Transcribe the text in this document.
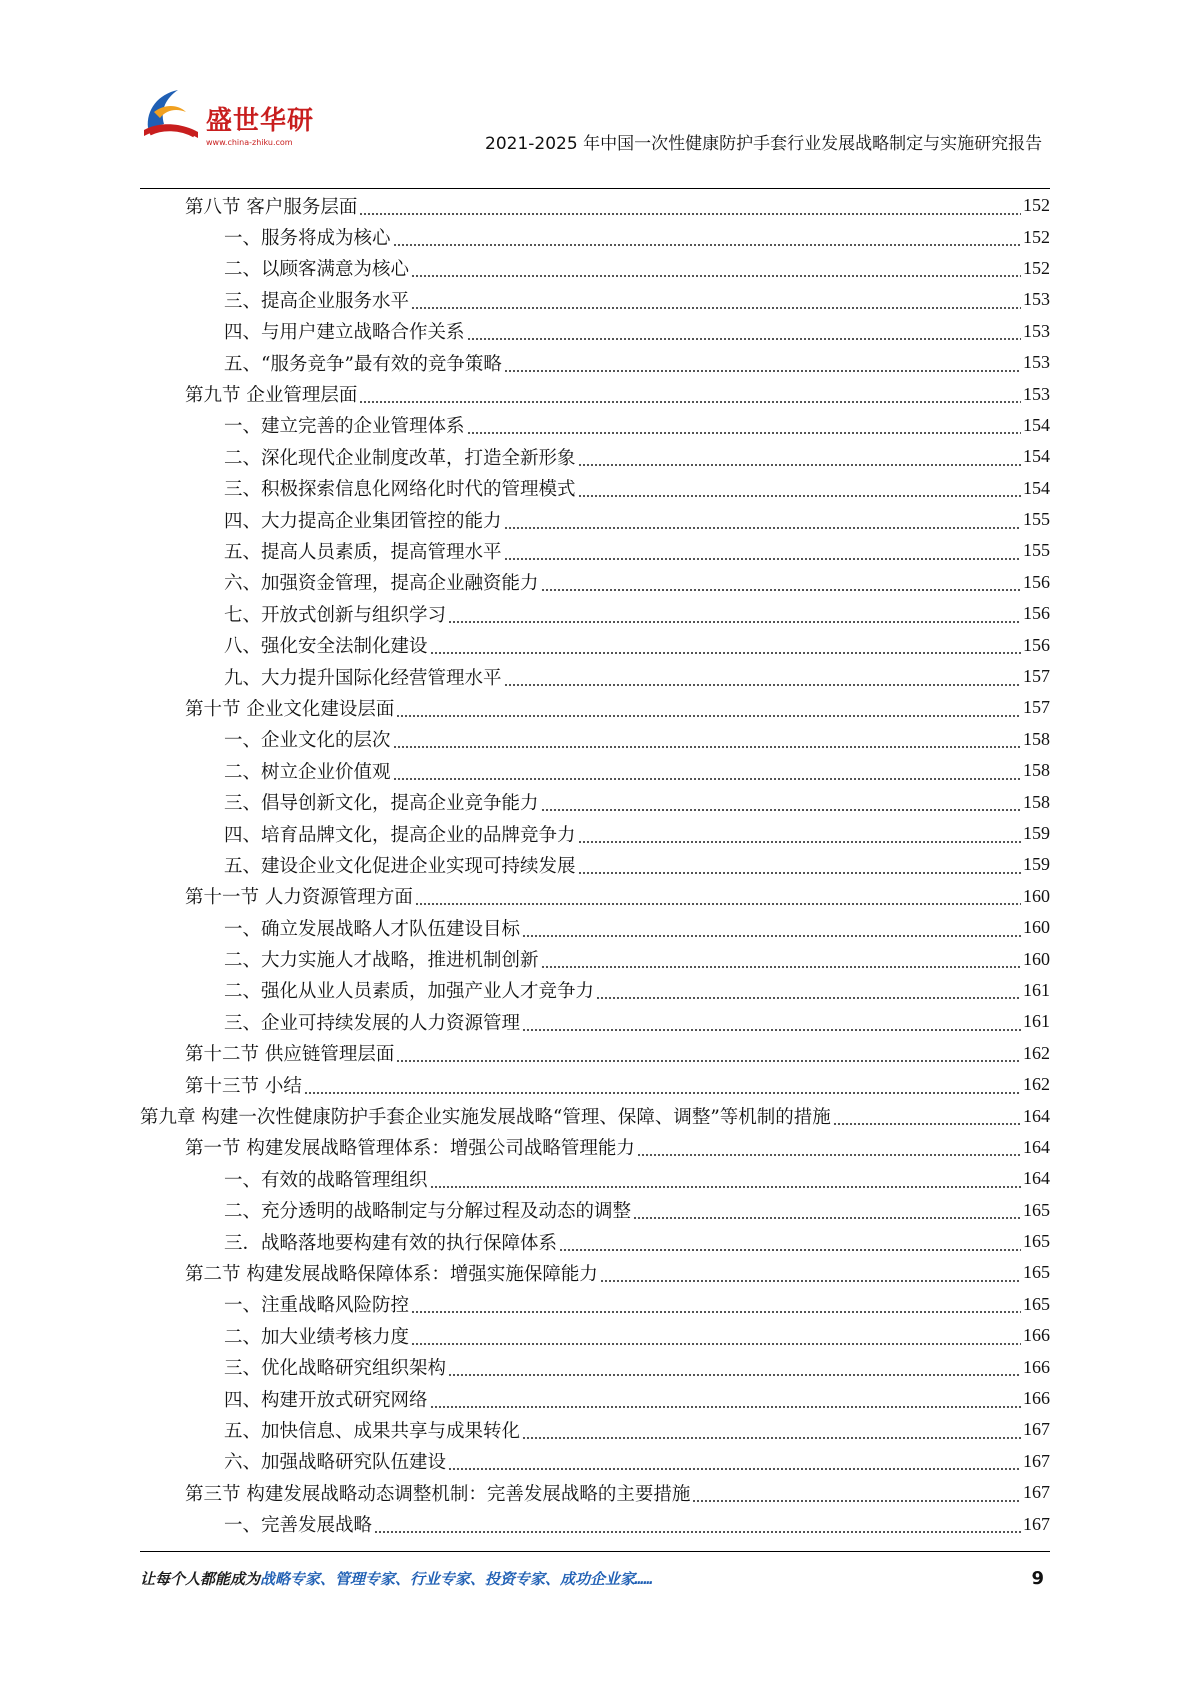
盛世华研
www.china-zhiku.com	2021-2025 年中国一次性健康防护手套行业发展战略制定与实施研究报告
第八节 客户服务层面	152
一、服务将成为核心	152
二、以顾客满意为核心	152
三、提高企业服务水平	153
四、与用户建立战略合作关系	153
五、“服务竞争”最有效的竞争策略	153
第九节 企业管理层面	153
一、建立完善的企业管理体系	154
二、深化现代企业制度改革，打造全新形象	154
三、积极探索信息化网络化时代的管理模式	154
四、大力提高企业集团管控的能力	155
五、提高人员素质，提高管理水平	155
六、加强资金管理，提高企业融资能力	156
七、开放式创新与组织学习	156
八、强化安全法制化建设	156
九、大力提升国际化经营管理水平	157
第十节 企业文化建设层面	157
一、企业文化的层次	158
二、树立企业价值观	158
三、倡导创新文化，提高企业竞争能力	158
四、培育品牌文化，提高企业的品牌竞争力	159
五、建设企业文化促进企业实现可持续发展	159
第十一节 人力资源管理方面	160
一、确立发展战略人才队伍建设目标	160
二、大力实施人才战略，推进机制创新	160
二、强化从业人员素质，加强产业人才竞争力	161
三、企业可持续发展的人力资源管理	161
第十二节 供应链管理层面	162
第十三节 小结	162
第九章 构建一次性健康防护手套企业实施发展战略“管理、保障、调整”等机制的措施	164
第一节 构建发展战略管理体系：增强公司战略管理能力	164
一、有效的战略管理组织	164
二、充分透明的战略制定与分解过程及动态的调整	165
三．战略落地要构建有效的执行保障体系	165
第二节 构建发展战略保障体系：增强实施保障能力	165
一、注重战略风险防控	165
二、加大业绩考核力度	166
三、优化战略研究组织架构	166
四、构建开放式研究网络	166
五、加快信息、成果共享与成果转化	167
六、加强战略研究队伍建设	167
第三节 构建发展战略动态调整机制：完善发展战略的主要措施	167
一、完善发展战略	167
让每个人都能成为战略专家、管理专家、行业专家、投资专家、成功企业家……	9
